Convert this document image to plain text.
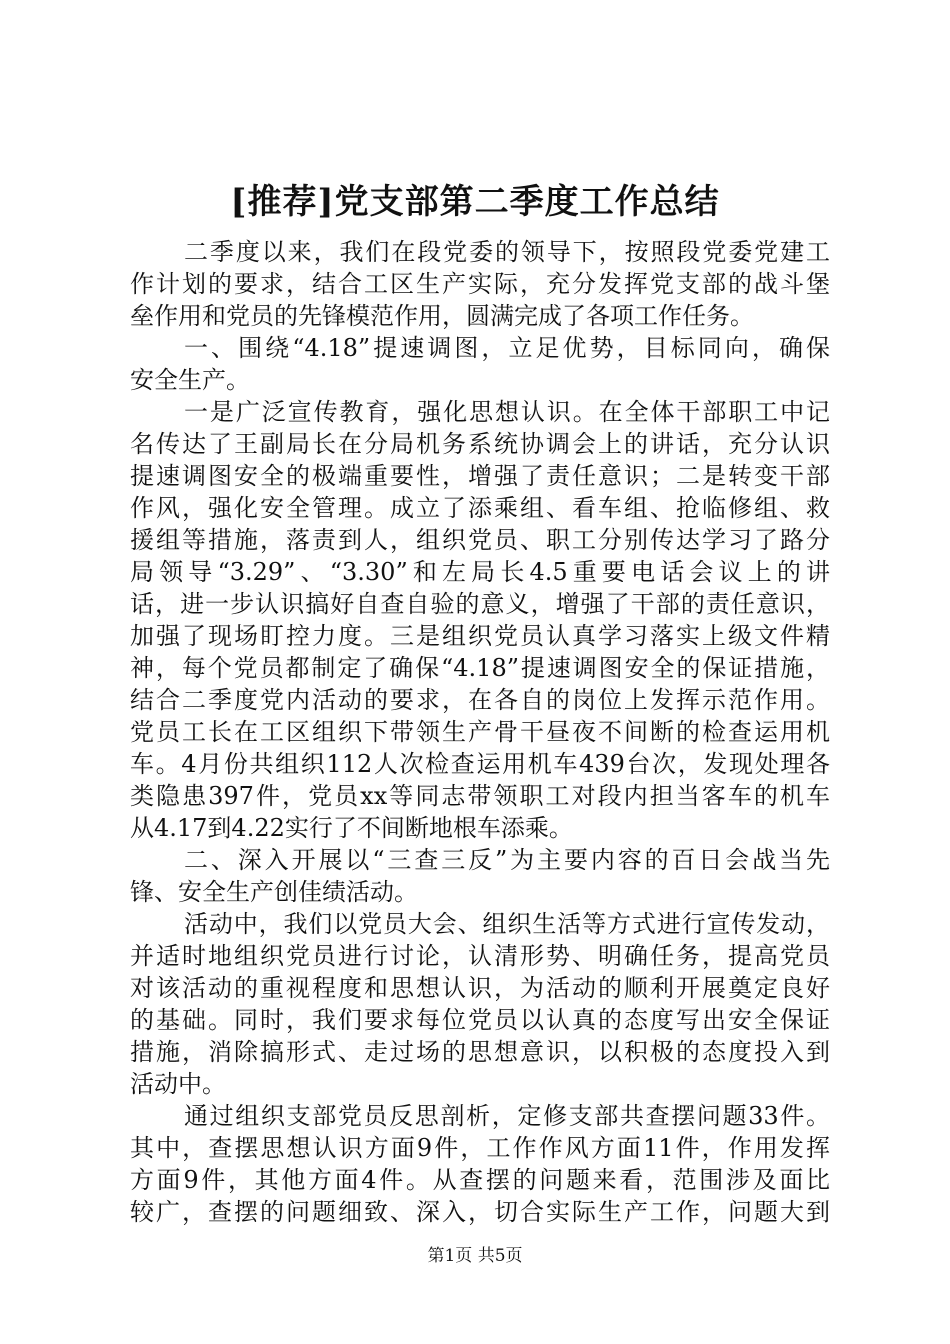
[推荐]党支部第二季度工作总结
二季度以来，我们在段党委的领导下，按照段党委党建工
作计划的要求，结合工区生产实际，充分发挥党支部的战斗堡
垒作用和党员的先锋模范作用，圆满完成了各项工作任务。
一、围绕“4.18”提速调图，立足优势，目标同向，确保
安全生产。
一是广泛宣传教育，强化思想认识。在全体干部职工中记
名传达了王副局长在分局机务系统协调会上的讲话，充分认识
提速调图安全的极端重要性，增强了责任意识；二是转变干部
作风，强化安全管理。成立了添乘组、看车组、抢临修组、救
援组等措施，落责到人，组织党员、职工分别传达学习了路分
局领导“3.29”、“3.30”和左局长4.5重要电话会议上的讲
话，进一步认识搞好自查自验的意义，增强了干部的责任意识，
加强了现场盯控力度。三是组织党员认真学习落实上级文件精
神，每个党员都制定了确保“4.18”提速调图安全的保证措施，
结合二季度党内活动的要求，在各自的岗位上发挥示范作用。
党员工长在工区组织下带领生产骨干昼夜不间断的检查运用机
车。4月份共组织112人次检查运用机车439台次，发现处理各
类隐患397件，党员xx等同志带领职工对段内担当客车的机车
从4.17到4.22实行了不间断地根车添乘。
二、深入开展以“三查三反”为主要内容的百日会战当先
锋、安全生产创佳绩活动。
活动中，我们以党员大会、组织生活等方式进行宣传发动，
并适时地组织党员进行讨论，认清形势、明确任务，提高党员
对该活动的重视程度和思想认识，为活动的顺利开展奠定良好
的基础。同时，我们要求每位党员以认真的态度写出安全保证
措施，消除搞形式、走过场的思想意识，以积极的态度投入到
活动中。
通过组织支部党员反思剖析，定修支部共查摆问题33件。
其中，查摆思想认识方面9件，工作作风方面11件，作用发挥
方面9件，其他方面4件。从查摆的问题来看，范围涉及面比
较广，查摆的问题细致、深入，切合实际生产工作，问题大到
第1页 共5页
